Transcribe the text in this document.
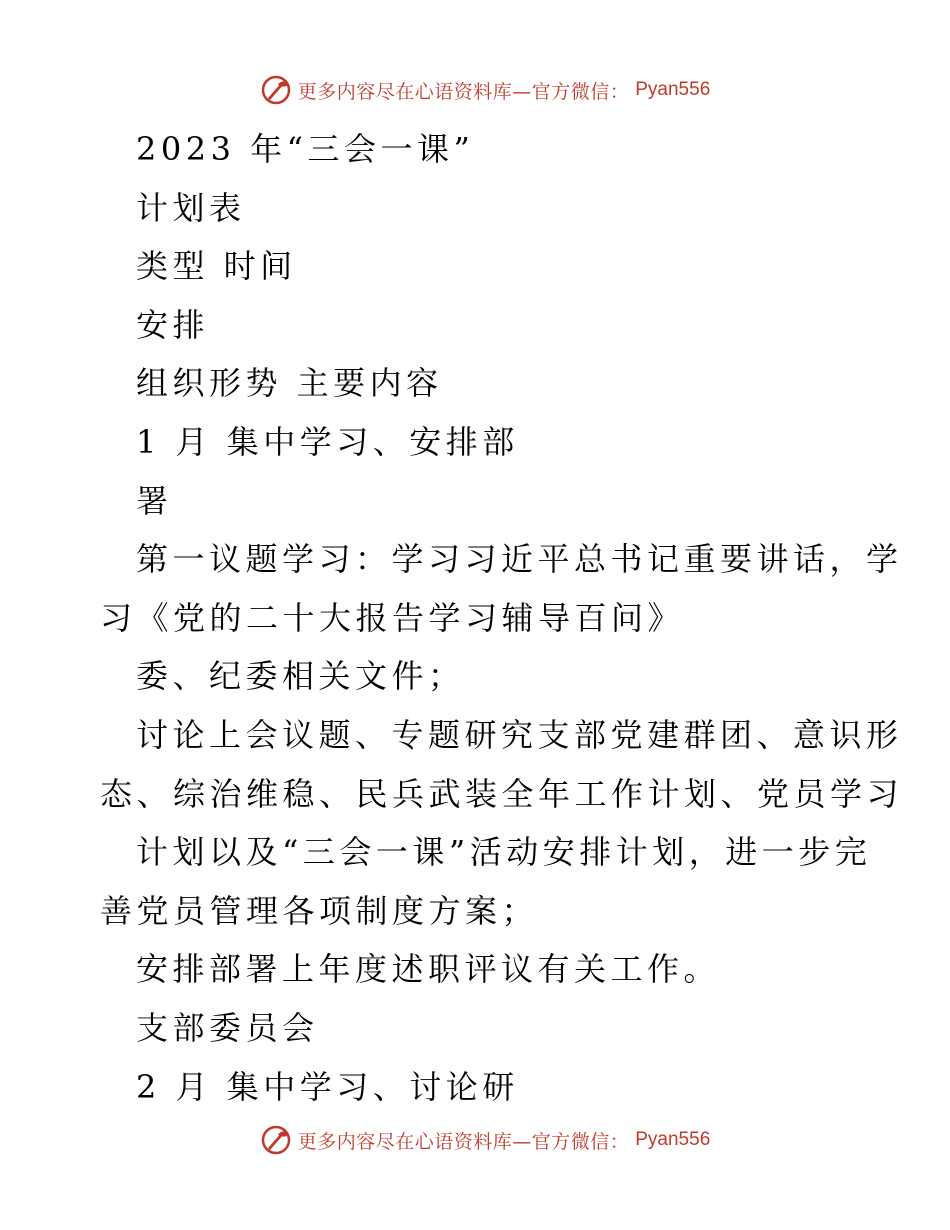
更多内容尽在心语资料库—官方微信： Pyan556
2023 年“三会一课”
计划表
类型 时间
安排
组织形势 主要内容
1 月 集中学习、安排部
署
第一议题学习：学习习近平总书记重要讲话，学
习《党的二十大报告学习辅导百问》
委、纪委相关文件；
讨论上会议题、专题研究支部党建群团、意识形
态、综治维稳、民兵武装全年工作计划、党员学习
计划以及“三会一课”活动安排计划，进一步完
善党员管理各项制度方案；
安排部署上年度述职评议有关工作。
支部委员会
2 月 集中学习、讨论研
更多内容尽在心语资料库—官方微信： Pyan556
